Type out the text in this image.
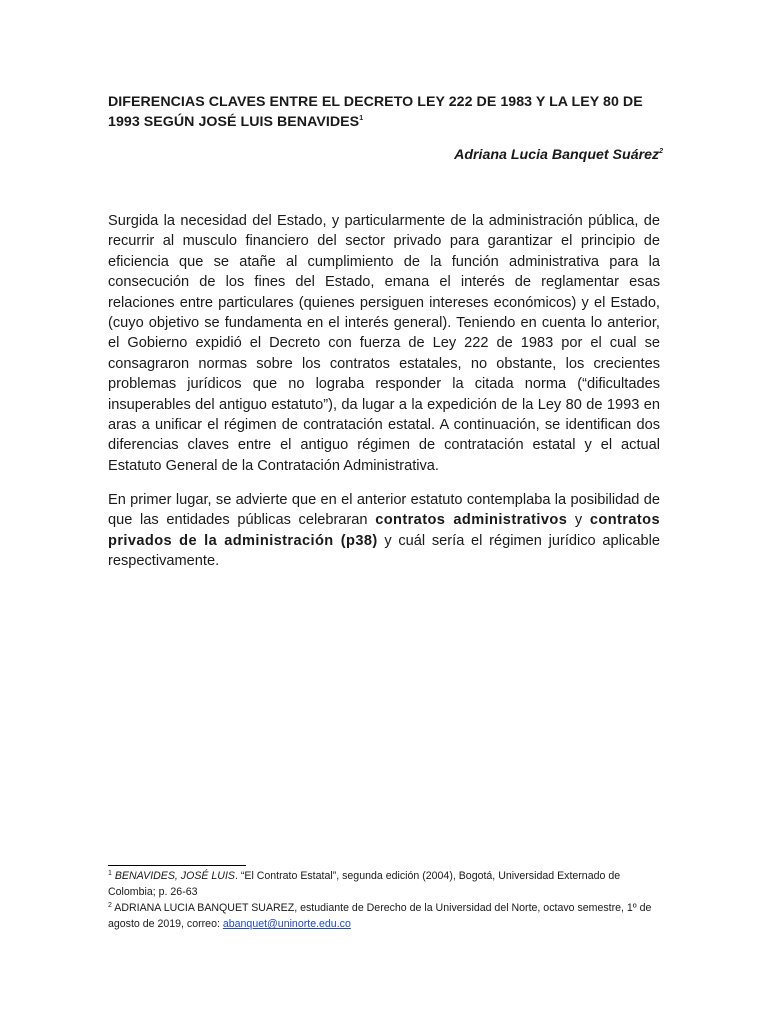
DIFERENCIAS CLAVES ENTRE EL DECRETO LEY 222 DE 1983 Y LA LEY 80 DE 1993 SEGÚN JOSÉ LUIS BENAVIDES$^1$

Adriana Lucia Banquet Suárez$^2$

Surgida la necesidad del Estado, y particularmente de la administración pública, de recurrir al musculo financiero del sector privado para garantizar el principio de eficiencia que se atañe al cumplimiento de la función administrativa para la consecución de los fines del Estado, emana el interés de reglamentar esas relaciones entre particulares (quienes persiguen intereses económicos) y el Estado, (cuyo objetivo se fundamenta en el interés general). Teniendo en cuenta lo anterior, el Gobierno expidió el Decreto con fuerza de Ley 222 de 1983 por el cual se consagraron normas sobre los contratos estatales, no obstante, los crecientes problemas jurídicos que no lograba responder la citada norma (“dificultades insuperables del antiguo estatuto”), da lugar a la expedición de la Ley 80 de 1993 en aras a unificar el régimen de contratación estatal. A continuación, se identifican dos diferencias claves entre el antiguo régimen de contratación estatal y el actual Estatuto General de la Contratación Administrativa.

En primer lugar, se advierte que en el anterior estatuto contemplaba la posibilidad de que las entidades públicas celebraran contratos administrativos y contratos privados de la administración (p38) y cuál sería el régimen jurídico aplicable respectivamente.

$^1$ BENAVIDES, JOSÉ LUIS. “El Contrato Estatal”, segunda edición (2004), Bogotá, Universidad Externado de Colombia; p. 26-63

$^2$ ADRIANA LUCIA BANQUET SUAREZ, estudiante de Derecho de la Universidad del Norte, octavo semestre, 1º de agosto de 2019, correo: abanquet@uninorte.edu.co
